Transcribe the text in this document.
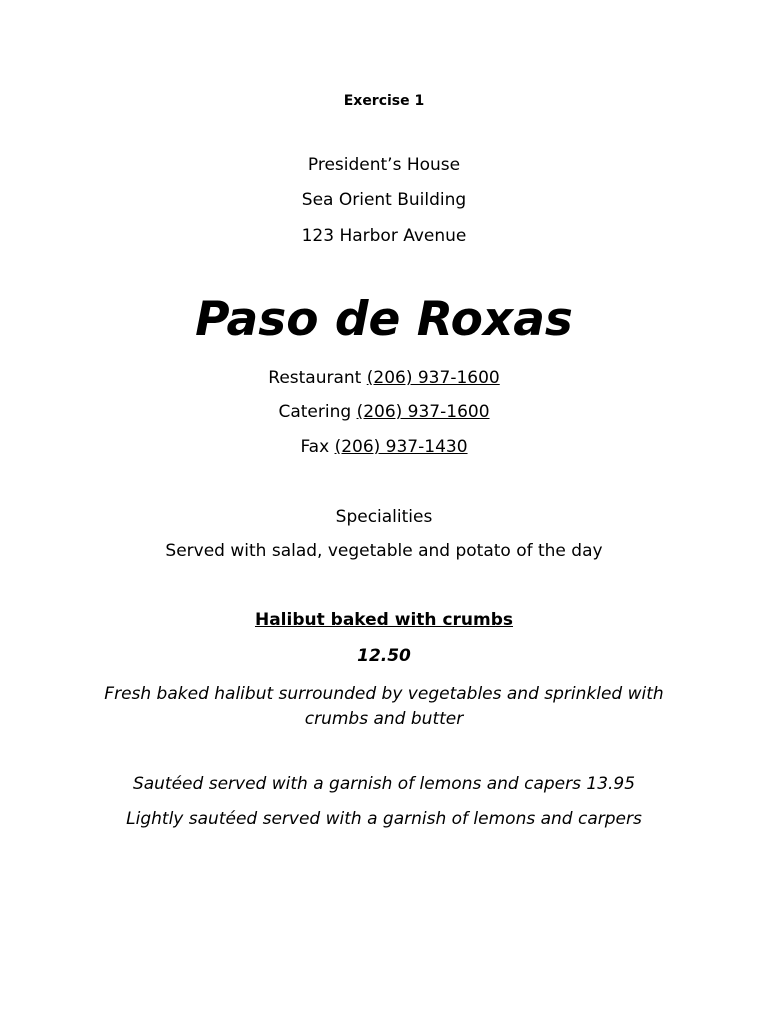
Exercise 1
President’s House
Sea Orient Building
123 Harbor Avenue
Paso de Roxas
Restaurant (206) 937-1600
Catering (206) 937-1600
Fax (206) 937-1430
Specialities
Served with salad, vegetable and potato of the day
Halibut baked with crumbs
12.50
Fresh baked halibut surrounded by vegetables and sprinkled with crumbs and butter
Sautéed served with a garnish of lemons and capers 13.95
Lightly sautéed served with a garnish of lemons and carpers
